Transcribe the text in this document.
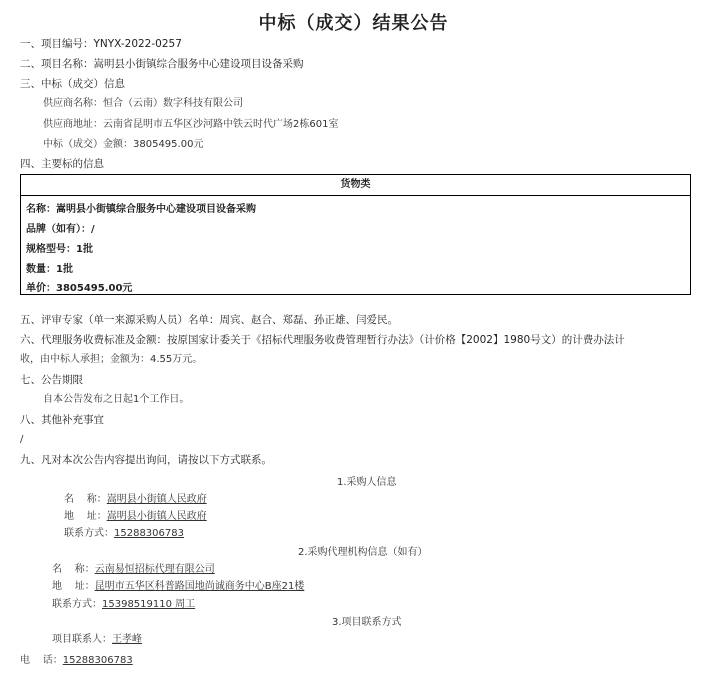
中标（成交）结果公告
一、项目编号：YNYX-2022-0257
二、项目名称：嵩明县小街镇综合服务中心建设项目设备采购
三、中标（成交）信息
供应商名称：恒合（云南）数字科技有限公司
供应商地址：云南省昆明市五华区沙河路中铁云时代广场2栋601室
中标（成交）金额：3805495.00元
四、主要标的信息
货物类
名称：嵩明县小街镇综合服务中心建设项目设备采购
品牌（如有）：/
规格型号：1批
数量：1批
单价：3805495.00元
五、评审专家（单一来源采购人员）名单：周宾、赵合、郑磊、孙正雄、闫爱民。
六、代理服务收费标准及金额：按原国家计委关于《招标代理服务收费管理暂行办法》（计价格【2002】1980号文）的计费办法计
收，由中标人承担；金额为：4.55万元。
七、公告期限
自本公告发布之日起1个工作日。
八、其他补充事宜
/
九、凡对本次公告内容提出询问，请按以下方式联系。
1.采购人信息
名    称：嵩明县小街镇人民政府
地    址：嵩明县小街镇人民政府
联系方式：15288306783
2.采购代理机构信息（如有）
名    称：云南易恒招标代理有限公司
地    址：昆明市五华区科普路国地尚诚商务中心B座21楼
联系方式：15398519110 周工
3.项目联系方式
项目联系人：王孝峰
电    话：15288306783
